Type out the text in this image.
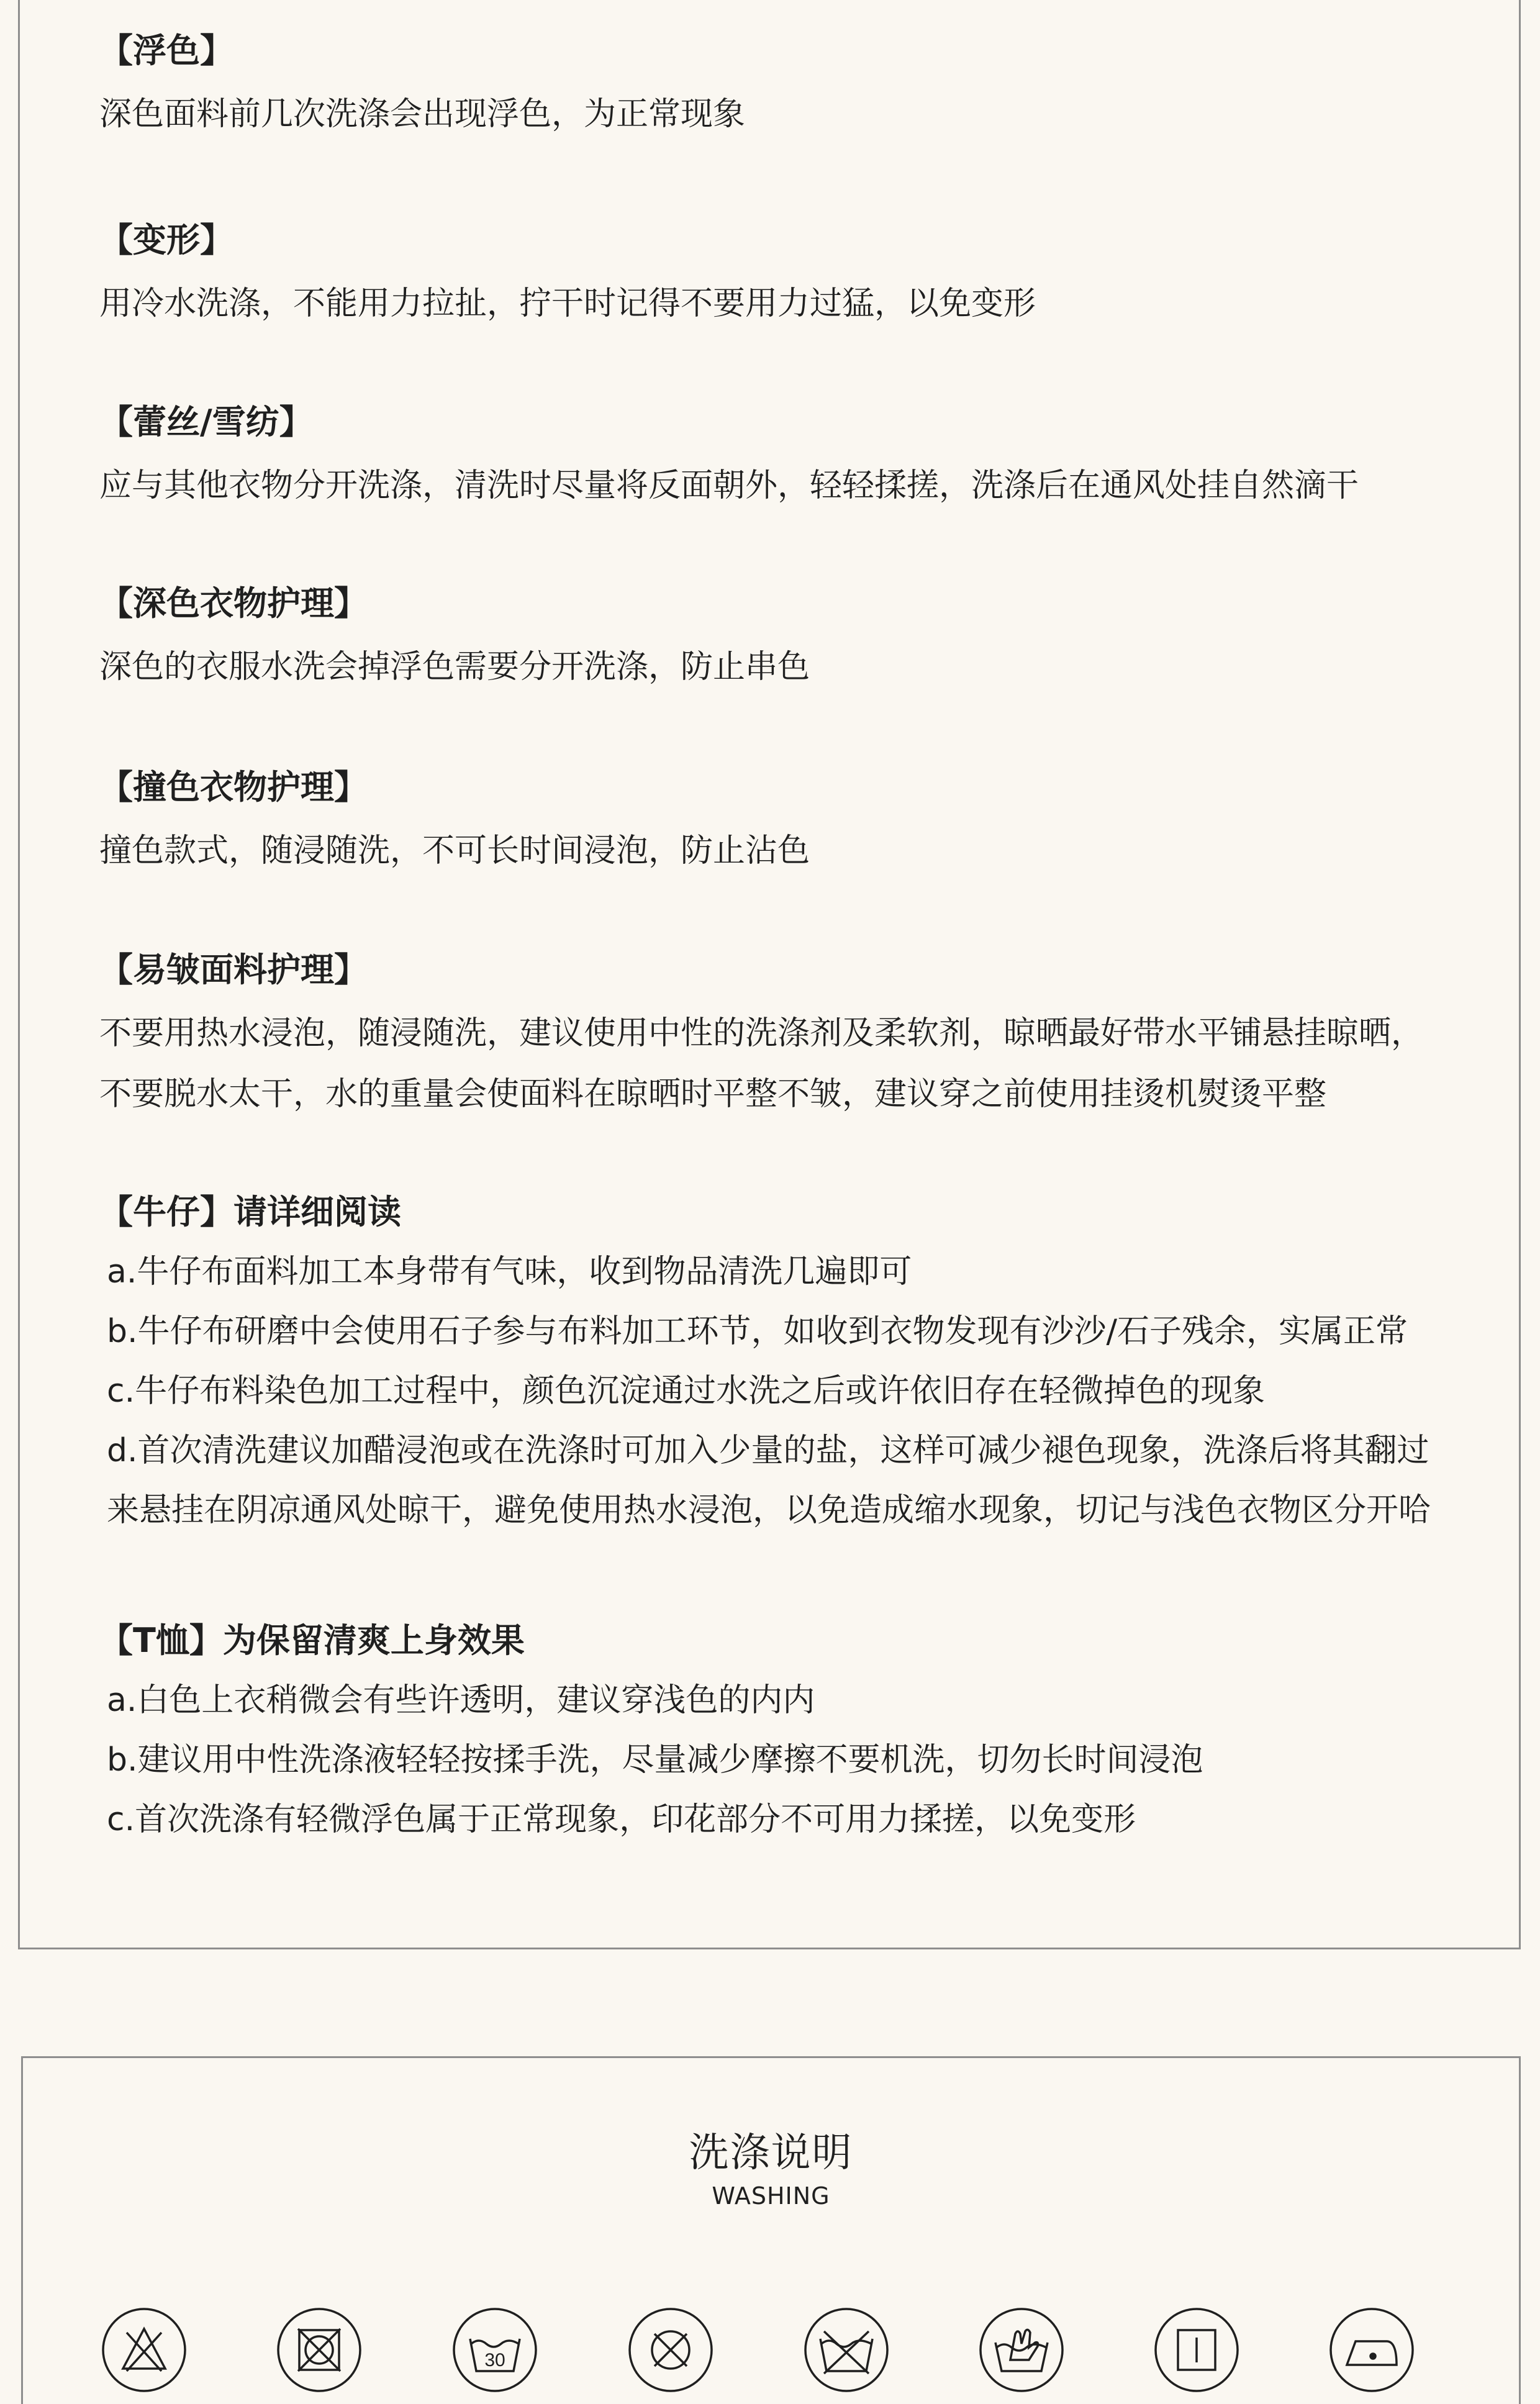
【浮色】
深色面料前几次洗涤会出现浮色，为正常现象
【变形】
用冷水洗涤，不能用力拉扯，拧干时记得不要用力过猛，以免变形
【蕾丝/雪纺】
应与其他衣物分开洗涤，清洗时尽量将反面朝外，轻轻揉搓，洗涤后在通风处挂自然滴干
【深色衣物护理】
深色的衣服水洗会掉浮色需要分开洗涤，防止串色
【撞色衣物护理】
撞色款式，随浸随洗，不可长时间浸泡，防止沾色
【易皱面料护理】
不要用热水浸泡，随浸随洗，建议使用中性的洗涤剂及柔软剂，晾晒最好带水平铺悬挂晾晒，
不要脱水太干，水的重量会使面料在晾晒时平整不皱，建议穿之前使用挂烫机熨烫平整
【牛仔】请详细阅读
a.牛仔布面料加工本身带有气味，收到物品清洗几遍即可
b.牛仔布研磨中会使用石子参与布料加工环节，如收到衣物发现有沙沙/石子残余，实属正常
c.牛仔布料染色加工过程中，颜色沉淀通过水洗之后或许依旧存在轻微掉色的现象
d.首次清洗建议加醋浸泡或在洗涤时可加入少量的盐，这样可减少褪色现象，洗涤后将其翻过
来悬挂在阴凉通风处晾干，避免使用热水浸泡，以免造成缩水现象，切记与浅色衣物区分开哈
【T恤】为保留清爽上身效果
a.白色上衣稍微会有些许透明，建议穿浅色的内内
b.建议用中性洗涤液轻轻按揉手洗，尽量减少摩擦不要机洗，切勿长时间浸泡
c.首次洗涤有轻微浮色属于正常现象，印花部分不可用力揉搓，以免变形
洗涤说明
WASHING
30
